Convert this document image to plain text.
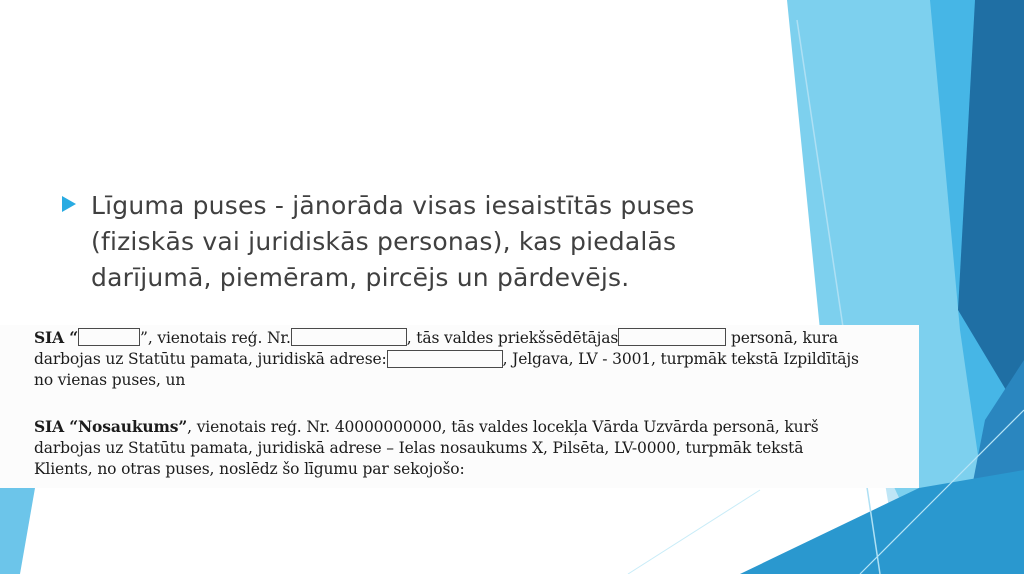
Līguma puses - jānorāda visas iesaistītās puses (fiziskās vai juridiskās personas), kas piedalās darījumā, piemēram, pircējs un pārdevējs.
SIA “	”, vienotais reģ. Nr.	, tās valdes priekšsēdētājas	personā, kura
darbojas uz Statūtu pamata, juridiskā adrese:	, Jelgava, LV - 3001, turpmāk tekstā Izpildītājs
no vienas puses, un
SIA “Nosaukums”, vienotais reģ. Nr. 40000000000, tās valdes locekļa Vārda Uzvārda personā, kurš
darbojas uz Statūtu pamata, juridiskā adrese – Ielas nosaukums X, Pilsēta, LV-0000, turpmāk tekstā
Klients, no otras puses, noslēdz šo līgumu par sekojošo:
